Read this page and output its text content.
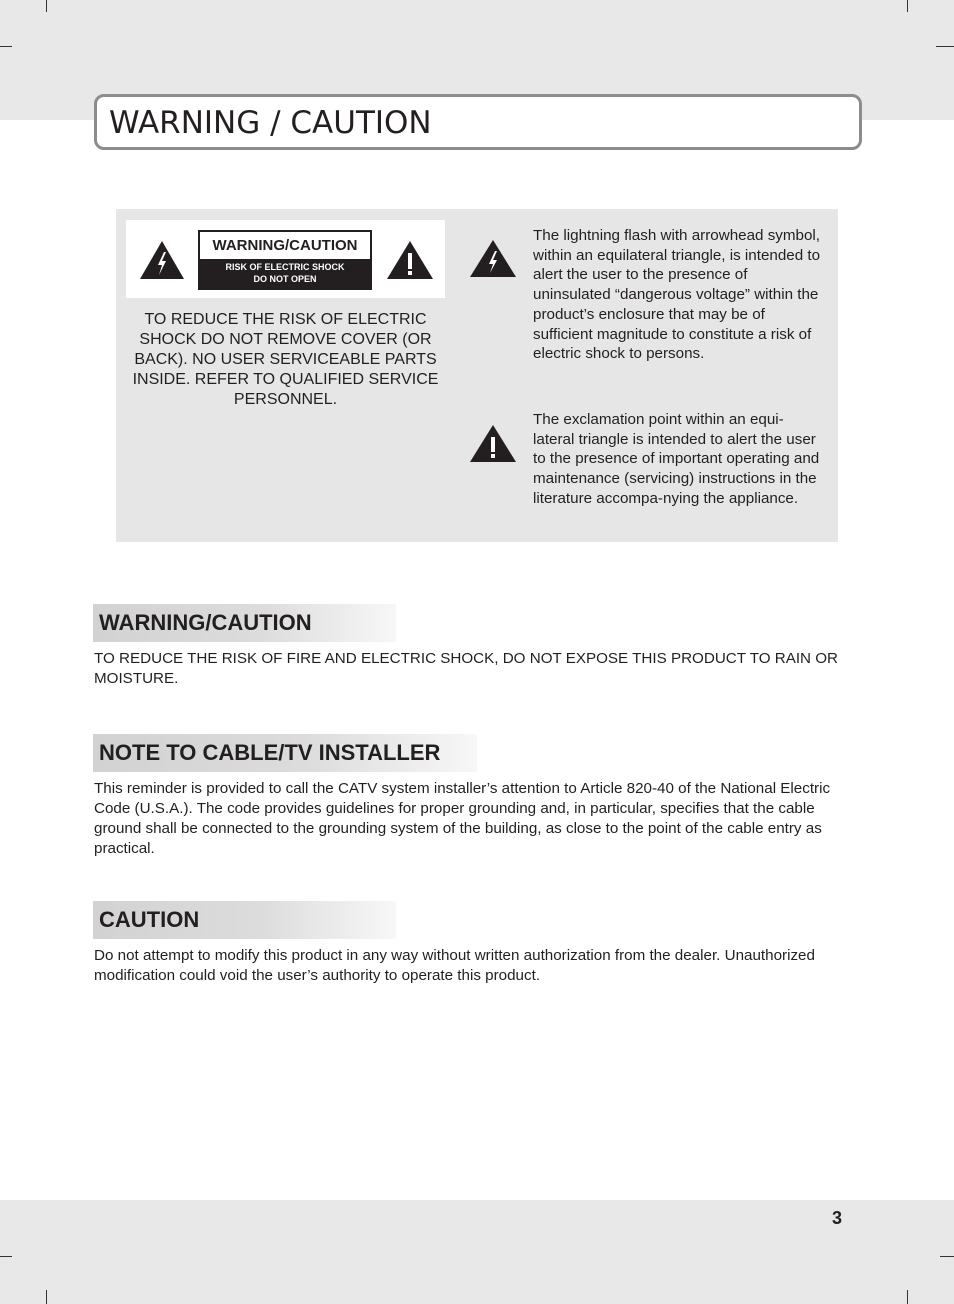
WARNING / CAUTION
WARNING/CAUTION
RISK OF ELECTRIC SHOCK
DO NOT OPEN
TO REDUCE THE RISK OF ELECTRIC SHOCK DO NOT REMOVE COVER (OR BACK). NO USER SERVICEABLE PARTS INSIDE. REFER TO QUALIFIED SERVICE PERSONNEL.
The lightning flash with arrowhead symbol, within an equilateral triangle, is intended to alert the user to the presence of uninsulated “dangerous voltage” within the product’s enclosure that may be of sufficient magnitude to constitute a risk of electric shock to persons.
The exclamation point within an equi-lateral triangle is intended to alert the user to the presence of important operating and maintenance (servicing) instructions in the literature accompa-nying the appliance.
WARNING/CAUTION
TO REDUCE THE RISK OF FIRE AND ELECTRIC SHOCK, DO NOT EXPOSE THIS PRODUCT TO RAIN OR MOISTURE.
NOTE TO CABLE/TV INSTALLER
This reminder is provided to call the CATV system installer’s attention to Article 820-40 of the National Electric Code (U.S.A.). The code provides guidelines for proper grounding and, in particular, specifies that the cable ground shall be connected to the grounding system of the building, as close to the point of the cable entry as practical.
CAUTION
Do not attempt to modify this product in any way without written authorization from the dealer. Unauthorized modification could void the user’s authority to operate this product.
3
